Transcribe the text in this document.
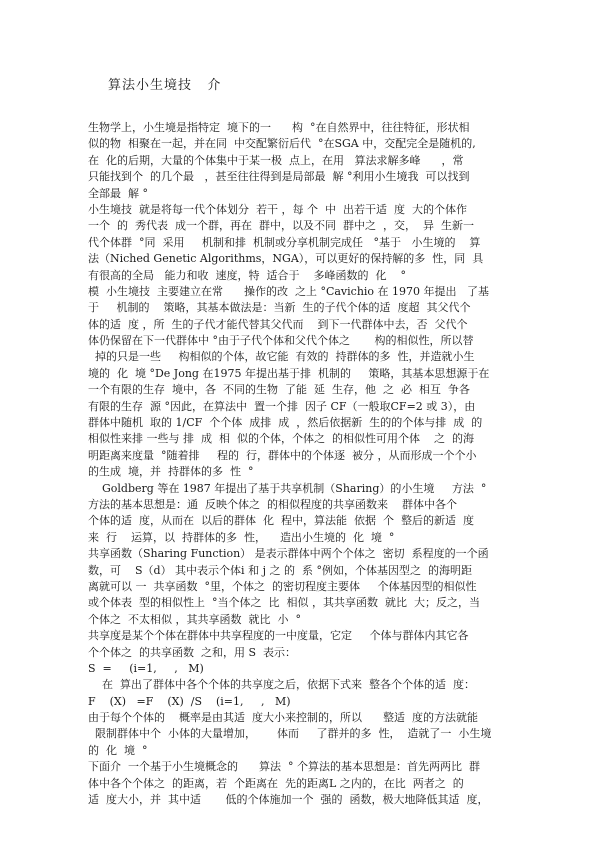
算法小生境技   介
生物学上，小生境是指特定  境下的一      构  °在自然界中，往往特征，形状相
似的物  相聚在一起，并在同  中交配繁衍后代  °在SGA 中，交配完全是随机的,
在  化的后期，大量的个体集中于某一极  点上，在用   算法求解多峰      ，常
只能找到个  的几个最   ，甚至往往得到是局部最  解 °利用小生境我  可以找到
全部最  解 °
小生境技  就是将每一代个体划分  若干 ，每 个  中  出若干适  度  大的个体作
一个  的  秀代表  成一个群，再在  群中，以及不同  群中之  ，交，  异  生新一
代个体群  °同  采用     机制和排  机制或分享机制完成任   °基于   小生境的    算
法（Niched Genetic Algorithms，NGA），可以更好的保持解的多  性，同  具
有很高的全局   能力和收  速度，特  适合于    多峰函数的  化    °
模  小生境技  主要建立在常      操作的改  之上 °Cavichio 在 1970 年提出   了基
于     机制的    策略，其基本做法是：当新  生的子代个体的适  度超  其父代个
体的适  度 ，所  生的子代才能代替其父代而    到下一代群体中去，否  父代个
体仍保留在下一代群体中 °由于子代个体和父代个体之       构的相似性，所以替
掉的只是一些     构相似的个体，故它能  有效的  持群体的多  性，并造就小生
境的  化  境 °De Jong 在1975 年提出基于排  机制的     策略，其基本思想源于在
一个有限的生存  境中，各  不同的生物  了能  延  生存，他  之  必  相互  争各
有限的生存  源 °因此，在算法中  置一个排  因子 CF（一般取CF=2 或 3），由
群体中随机  取的 1/CF  个个体  成排  成  ，然后依据新  生的的个体与排  成  的
相似性来排 一些与 排  成  相  似的个体，个体之  的相似性可用个体    之  的海
明距离来度量  °随着排     程的  行，群体中的个体逐  被分 ，从而形成一个个小
的生成  境，并  持群体的多  性  °
Goldberg 等在 1987 年提出了基于共享机制（Sharing）的小生境     方法  °
方法的基本思想是：通  反映个体之  的相似程度的共享函数来    群体中各个
个体的适  度，从而在  以后的群体  化  程中，算法能  依据  个  整后的新适  度
来  行    运算，以  持群体的多  性，    造出小生境的  化  境  °
共享函数（Sharing Function） 是表示群体中两个个体之  密切  系程度的一个函
数，可    S（d） 其中表示个体i 和 j 之 的  系 °例如，个体基因型之  的海明距
离就可以 一  共享函数  °里，个体之  的密切程度主要体     个体基因型的相似性
或个体表  型的相似性上  °当个体之  比  相似 ，其共享函数  就比  大；反之，当
个体之  不太相似 ，其共享函数  就比  小  °
共享度是某个个体在群体中共享程度的一中度量，它定     个体与群体内其它各
个个体之  的共享函数  之和，用 S  表示：
S  =     (i=1,     ,   M)
在  算出了群体中各个个体的共享度之后，依据下式来  整各个个体的适  度：
F    (X)   =F    (X)  /S    (i=1,     ,   M)
由于每个个体的    概率是由其适  度大小来控制的，所以      整适  度的方法就能
限制群体中个  小体的大量增加，      体而     了群并的多  性，  造就了一  小生境
的  化  境  °
下面介  一个基于小生境概念的      算法  ° 个算法的基本思想是：首先两两比  群
体中各个个体之  的距离，若  个距离在  先的距离L 之内的，在比  两者之  的
适  度大小，并  其中适       低的个体施加一个  强的  函数，极大地降低其适  度，
